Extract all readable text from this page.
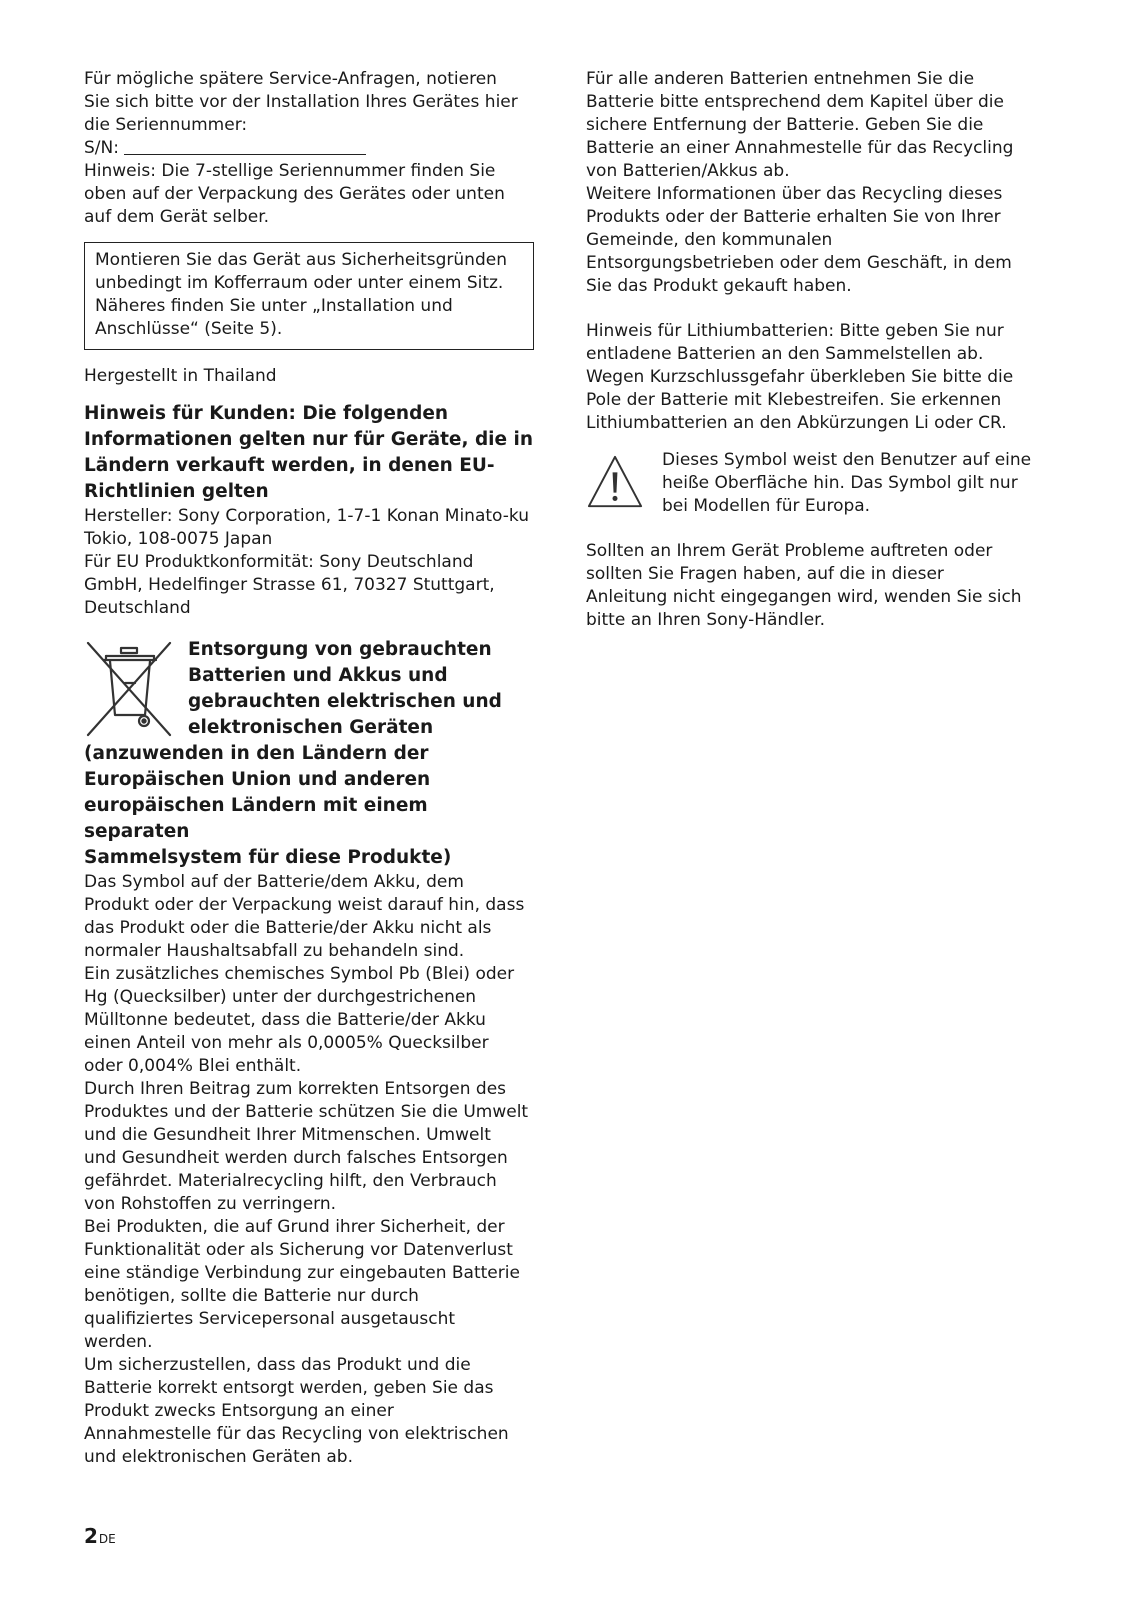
Für mögliche spätere Service-Anfragen, notieren
Sie sich bitte vor der Installation Ihres Gerätes hier
die Seriennummer:
S/N:
Hinweis: Die 7-stellige Seriennummer finden Sie
oben auf der Verpackung des Gerätes oder unten
auf dem Gerät selber.

Montieren Sie das Gerät aus Sicherheitsgründen
unbedingt im Kofferraum oder unter einem Sitz.
Näheres finden Sie unter „Installation und
Anschlüsse“ (Seite 5).

Hergestellt in Thailand

Hinweis für Kunden: Die folgenden
Informationen gelten nur für Geräte, die in
Ländern verkauft werden, in denen EU-
Richtlinien gelten

Hersteller: Sony Corporation, 1-7-1 Konan Minato-ku
Tokio, 108-0075 Japan
Für EU Produktkonformität: Sony Deutschland
GmbH, Hedelfinger Strasse 61, 70327 Stuttgart,
Deutschland

Entsorgung von gebrauchten
Batterien und Akkus und
gebrauchten elektrischen und
elektronischen Geräten
(anzuwenden in den Ländern der
Europäischen Union und anderen
europäischen Ländern mit einem separaten
Sammelsystem für diese Produkte)

Das Symbol auf der Batterie/dem Akku, dem
Produkt oder der Verpackung weist darauf hin, dass
das Produkt oder die Batterie/der Akku nicht als
normaler Haushaltsabfall zu behandeln sind.
Ein zusätzliches chemisches Symbol Pb (Blei) oder
Hg (Quecksilber) unter der durchgestrichenen
Mülltonne bedeutet, dass die Batterie/der Akku
einen Anteil von mehr als 0,0005% Quecksilber
oder 0,004% Blei enthält.
Durch Ihren Beitrag zum korrekten Entsorgen des
Produktes und der Batterie schützen Sie die Umwelt
und die Gesundheit Ihrer Mitmenschen. Umwelt
und Gesundheit werden durch falsches Entsorgen
gefährdet. Materialrecycling hilft, den Verbrauch
von Rohstoffen zu verringern.
Bei Produkten, die auf Grund ihrer Sicherheit, der
Funktionalität oder als Sicherung vor Datenverlust
eine ständige Verbindung zur eingebauten Batterie
benötigen, sollte die Batterie nur durch
qualifiziertes Servicepersonal ausgetauscht
werden.
Um sicherzustellen, dass das Produkt und die
Batterie korrekt entsorgt werden, geben Sie das
Produkt zwecks Entsorgung an einer
Annahmestelle für das Recycling von elektrischen
und elektronischen Geräten ab.

Für alle anderen Batterien entnehmen Sie die
Batterie bitte entsprechend dem Kapitel über die
sichere Entfernung der Batterie. Geben Sie die
Batterie an einer Annahmestelle für das Recycling
von Batterien/Akkus ab.
Weitere Informationen über das Recycling dieses
Produkts oder der Batterie erhalten Sie von Ihrer
Gemeinde, den kommunalen
Entsorgungsbetrieben oder dem Geschäft, in dem
Sie das Produkt gekauft haben.

Hinweis für Lithiumbatterien: Bitte geben Sie nur
entladene Batterien an den Sammelstellen ab.
Wegen Kurzschlussgefahr überkleben Sie bitte die
Pole der Batterie mit Klebestreifen. Sie erkennen
Lithiumbatterien an den Abkürzungen Li oder CR.

Dieses Symbol weist den Benutzer auf eine
heiße Oberfläche hin. Das Symbol gilt nur
bei Modellen für Europa.

Sollten an Ihrem Gerät Probleme auftreten oder
sollten Sie Fragen haben, auf die in dieser
Anleitung nicht eingegangen wird, wenden Sie sich
bitte an Ihren Sony-Händler.

2DE
